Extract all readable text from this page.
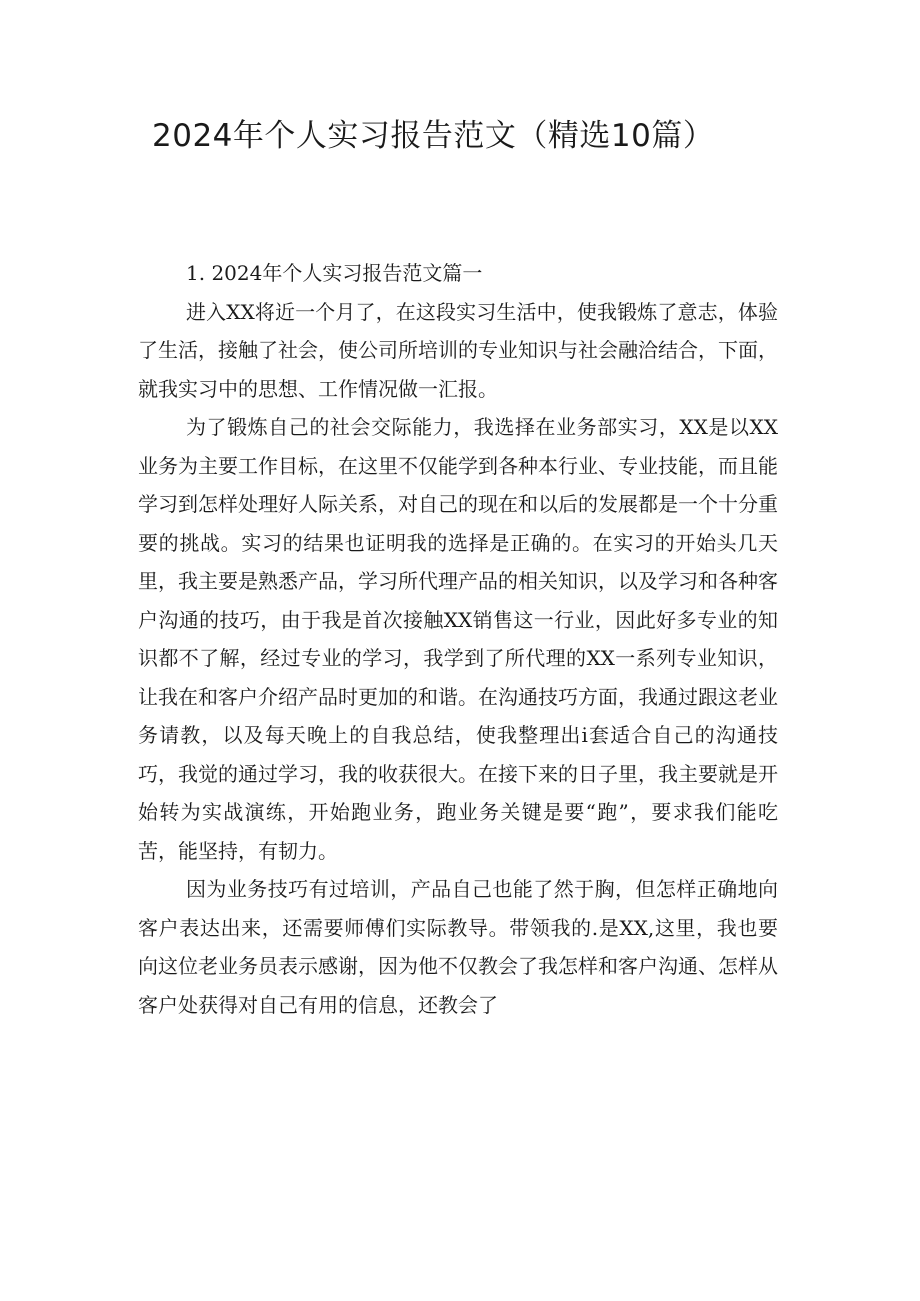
2024年个人实习报告范文（精选10篇）
1. 2024年个人实习报告范文篇一

进入XX将近一个月了，在这段实习生活中，使我锻炼了意志，体验了生活，接触了社会，使公司所培训的专业知识与社会融洽结合，下面，就我实习中的思想、工作情况做一汇报。

为了锻炼自己的社会交际能力，我选择在业务部实习，XX是以XX业务为主要工作目标，在这里不仅能学到各种本行业、专业技能，而且能学习到怎样处理好人际关系，对自己的现在和以后的发展都是一个十分重要的挑战。实习的结果也证明我的选择是正确的。在实习的开始头几天里，我主要是熟悉产品，学习所代理产品的相关知识，以及学习和各种客户沟通的技巧，由于我是首次接触XX销售这一行业，因此好多专业的知识都不了解，经过专业的学习，我学到了所代理的XX一系列专业知识，让我在和客户介绍产品时更加的和谐。在沟通技巧方面，我通过跟这老业务请教，以及每天晚上的自我总结，使我整理出i套适合自己的沟通技巧，我觉的通过学习，我的收获很大。在接下来的日子里，我主要就是开始转为实战演练，开始跑业务，跑业务关键是要“跑”，要求我们能吃苦，能坚持，有韧力。

因为业务技巧有过培训，产品自己也能了然于胸，但怎样正确地向客户表达出来，还需要师傅们实际教导。带领我的.是XX,这里，我也要向这位老业务员表示感谢，因为他不仅教会了我怎样和客户沟通、怎样从客户处获得对自己有用的信息，还教会了
